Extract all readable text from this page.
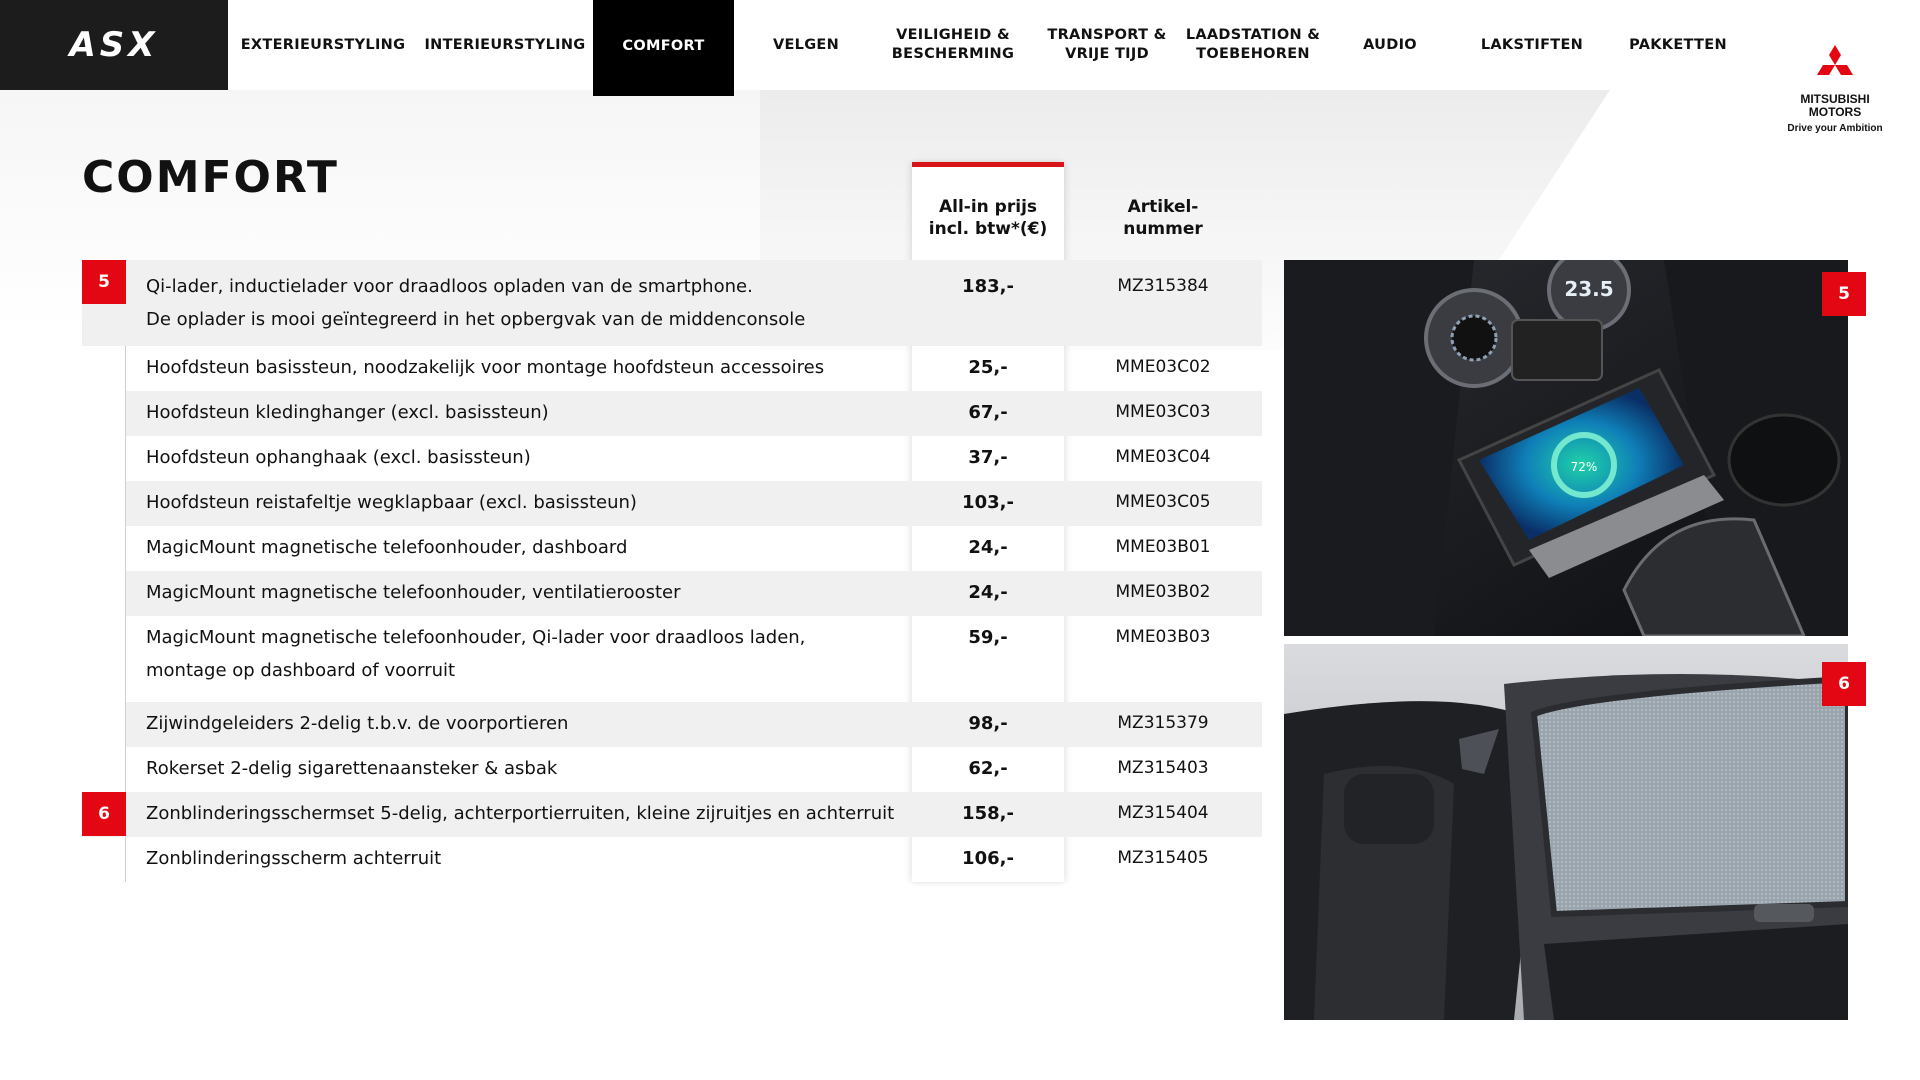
ASX	EXTERIEURSTYLING INTERIEURSTYLING	COMFORT	VELGEN
VEILIGHEID &
BESCHERMING
TRANSPORT &
VRIJE TIJD
LAADSTATION &
TOEBEHOREN
AUDIO	LAKSTIFTEN	PAKKETTEN
MITSUBISHI
MOTORS
Drive your Ambition
COMFORT
All-in prijs
incl. btw*(€)
Artikel-
nummer
5	Qi-lader, inductielader voor draadloos opladen van de smartphone.
De oplader is mooi geïntegreerd in het opbergvak van de middenconsole
183,-	MZ315384
Hoofdsteun basissteun, noodzakelijk voor montage hoofdsteun accessoires	25,-	MME03C02
Hoofdsteun kledinghanger (excl. basissteun)	67,-	MME03C03
Hoofdsteun ophanghaak (excl. basissteun)	37,-	MME03C04
Hoofdsteun reistafeltje wegklapbaar (excl. basissteun)	103,-	MME03C05
MagicMount magnetische telefoonhouder, dashboard	24,-	MME03B01
MagicMount magnetische telefoonhouder, ventilatierooster	24,-	MME03B02
MagicMount magnetische telefoonhouder, Qi-lader voor draadloos laden,
montage op dashboard of voorruit
59,-	MME03B03
Zijwindgeleiders 2-delig t.b.v. de voorportieren	98,-	MZ315379
Rokerset 2-delig sigarettenaansteker & asbak	62,-	MZ315403
6	Zonblinderingsschermset 5-delig, achterportierruiten, kleine zijruitjes en achterruit	158,-	MZ315404
Zonblinderingsscherm achterruit	106,-	MZ315405
23.5
72%
5
6
